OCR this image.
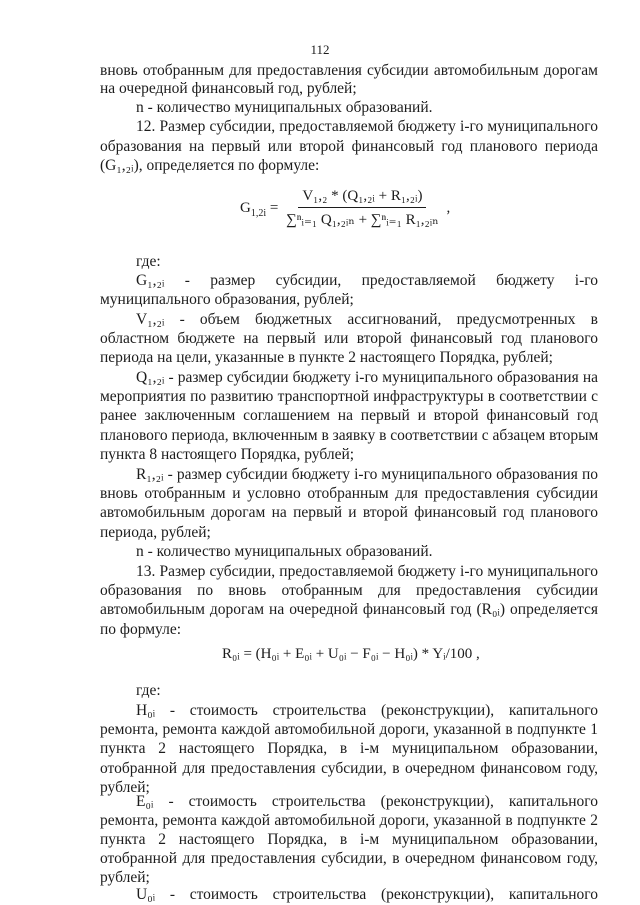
112
вновь отобранным для предоставления субсидии автомобильным дорогам
на очередной финансовый год, рублей;
n - количество муниципальных образований.
12. Размер субсидии, предоставляемой бюджету i-го муниципального
образования на первый или второй финансовый год планового периода
(G₁,₂ᵢ), определяется по формуле:
$G_{1,2i} = \frac{\text{V₁,₂ * (Q₁,₂ᵢ + R₁,₂ᵢ)}}{\text{∑ⁿᵢ₌₁ Q₁,₂ᵢₙ + ∑ⁿᵢ₌₁ R₁,₂ᵢₙ}}$ ,
где:
G₁,₂ᵢ - размер субсидии, предоставляемой бюджету i-го
муниципального образования, рублей;
V₁,₂ᵢ - объем бюджетных ассигнований, предусмотренных в
областном бюджете на первый или второй финансовый год планового
периода на цели, указанные в пункте 2 настоящего Порядка, рублей;
Q₁,₂ᵢ - размер субсидии бюджету i-го муниципального образования на
мероприятия по развитию транспортной инфраструктуры в соответствии с
ранее заключенным соглашением на первый и второй финансовый год
планового периода, включенным в заявку в соответствии с абзацем вторым
пункта 8 настоящего Порядка, рублей;
R₁,₂ᵢ - размер субсидии бюджету i-го муниципального образования по
вновь отобранным и условно отобранным для предоставления субсидии
автомобильным дорогам на первый и второй финансовый год планового
периода, рублей;
n - количество муниципальных образований.
13. Размер субсидии, предоставляемой бюджету i-го муниципального
образования по вновь отобранным для предоставления субсидии
автомобильным дорогам на очередной финансовый год (R₀ᵢ) определяется
по формуле:
R₀ᵢ = (H₀ᵢ + E₀ᵢ + U₀ᵢ − F₀ᵢ − H₀ᵢ) * Yᵢ/100 ,
где:
H₀ᵢ - стоимость строительства (реконструкции), капитального
ремонта, ремонта каждой автомобильной дороги, указанной в подпункте 1
пункта 2 настоящего Порядка, в i-м муниципальном образовании,
отобранной для предоставления субсидии, в очередном финансовом году,
рублей;
E₀ᵢ - стоимость строительства (реконструкции), капитального
ремонта, ремонта каждой автомобильной дороги, указанной в подпункте 2
пункта 2 настоящего Порядка, в i-м муниципальном образовании,
отобранной для предоставления субсидии, в очередном финансовом году,
рублей;
U₀ᵢ - стоимость строительства (реконструкции), капитального
